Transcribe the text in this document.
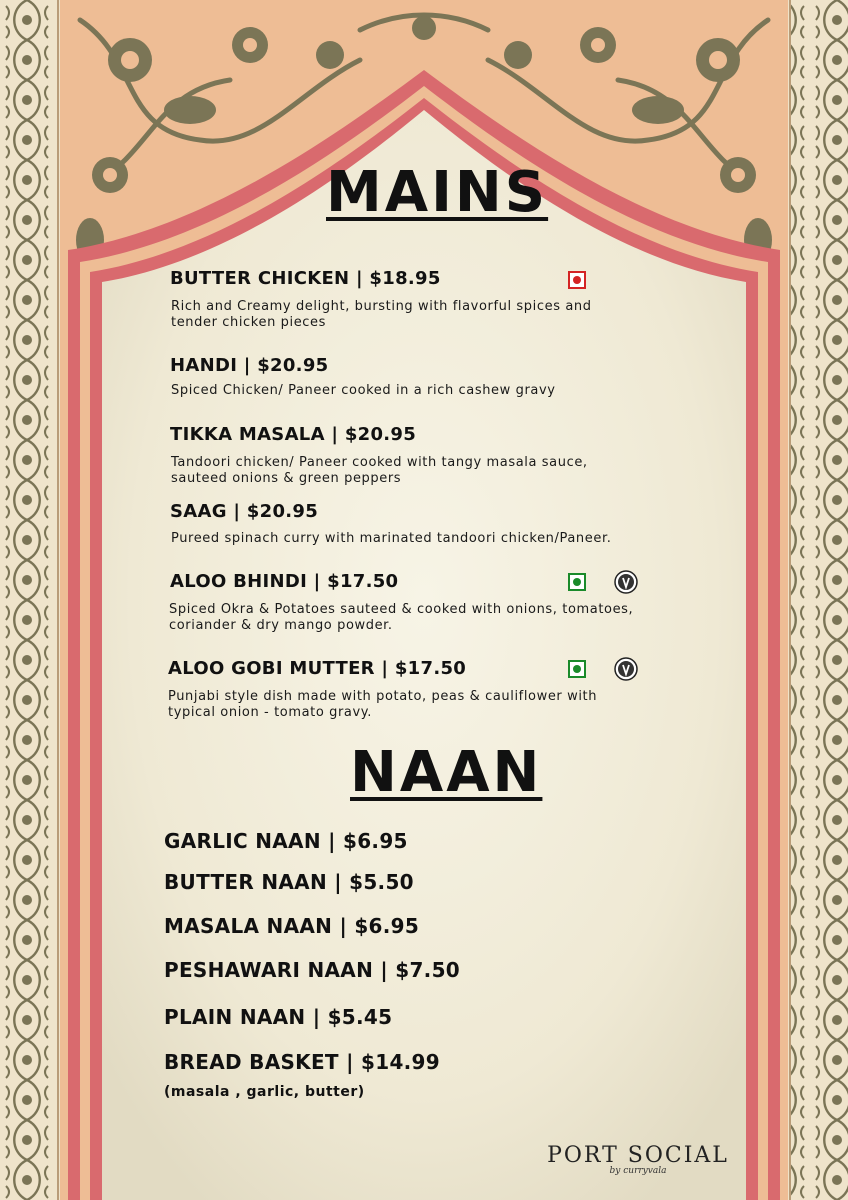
MAINS
BUTTER CHICKEN | $18.95
Rich and Creamy delight, bursting with flavorful spices and
tender chicken pieces
HANDI | $20.95
Spiced Chicken/ Paneer cooked in a rich cashew gravy
TIKKA MASALA | $20.95
Tandoori chicken/ Paneer cooked with tangy masala sauce,
sauteed onions & green peppers
SAAG | $20.95
Pureed spinach curry with marinated tandoori chicken/Paneer.
ALOO BHINDI | $17.50
Spiced Okra & Potatoes sauteed & cooked with onions, tomatoes,
coriander & dry mango powder.
ALOO GOBI MUTTER | $17.50
Punjabi style dish made with potato, peas & cauliflower with
typical onion - tomato gravy.
NAAN
GARLIC NAAN | $6.95
BUTTER NAAN | $5.50
MASALA NAAN | $6.95
PESHAWARI NAAN | $7.50
PLAIN NAAN | $5.45
BREAD BASKET | $14.99
(masala , garlic, butter)
PORT SOCIAL
by curryvala
